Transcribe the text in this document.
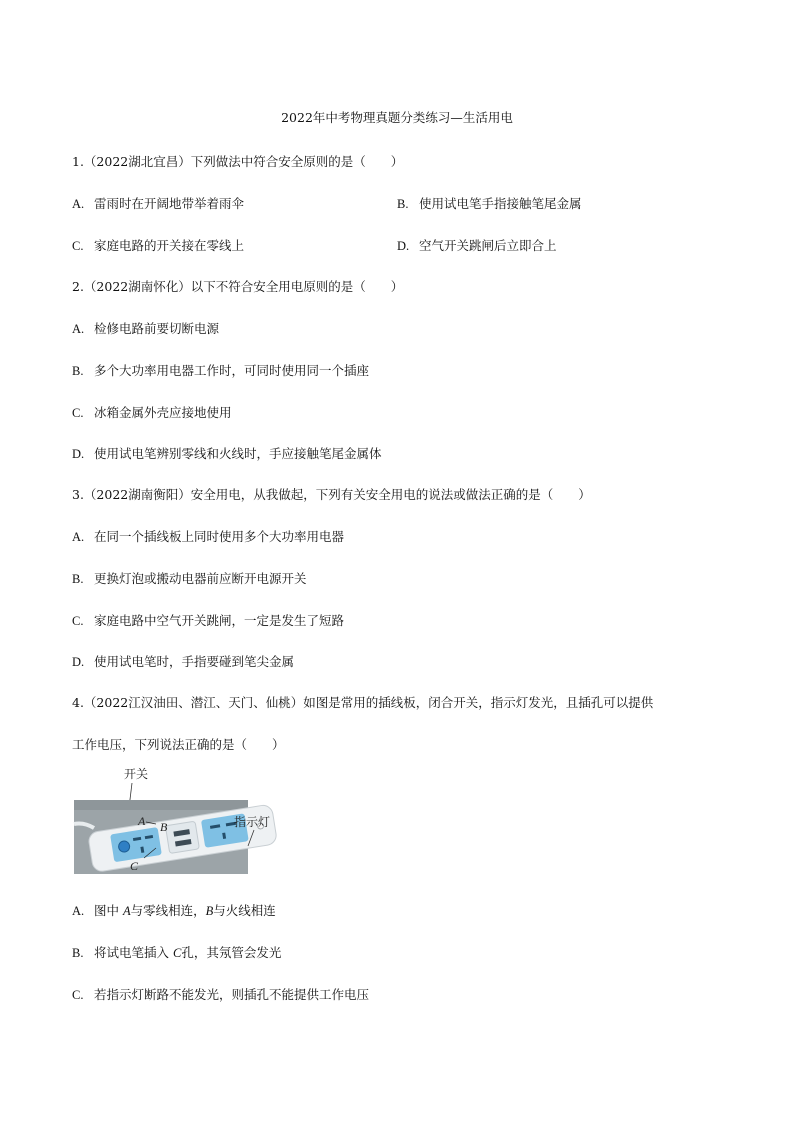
2022年中考物理真题分类练习—生活用电
1.（2022湖北宜昌）下列做法中符合安全原则的是（　　）
A. 雷雨时在开阔地带举着雨伞	B. 使用试电笔手指接触笔尾金属
C. 家庭电路的开关接在零线上	D. 空气开关跳闸后立即合上
2.（2022湖南怀化）以下不符合安全用电原则的是（　　）
A. 检修电路前要切断电源
B. 多个大功率用电器工作时，可同时使用同一个插座
C. 冰箱金属外壳应接地使用
D. 使用试电笔辨别零线和火线时，手应接触笔尾金属体
3.（2022湖南衡阳）安全用电，从我做起，下列有关安全用电的说法或做法正确的是（　　）
A. 在同一个插线板上同时使用多个大功率用电器
B. 更换灯泡或搬动电器前应断开电源开关
C. 家庭电路中空气开关跳闸，一定是发生了短路
D. 使用试电笔时，手指要碰到笔尖金属
4.（2022江汉油田、潜江、天门、仙桃）如图是常用的插线板，闭合开关，指示灯发光，且插孔可以提供
工作电压，下列说法正确的是（　　）
开关
A B
C
指示灯
A. 图中 A与零线相连，B与火线相连
B. 将试电笔插入 C孔，其氖管会发光
C. 若指示灯断路不能发光，则插孔不能提供工作电压
